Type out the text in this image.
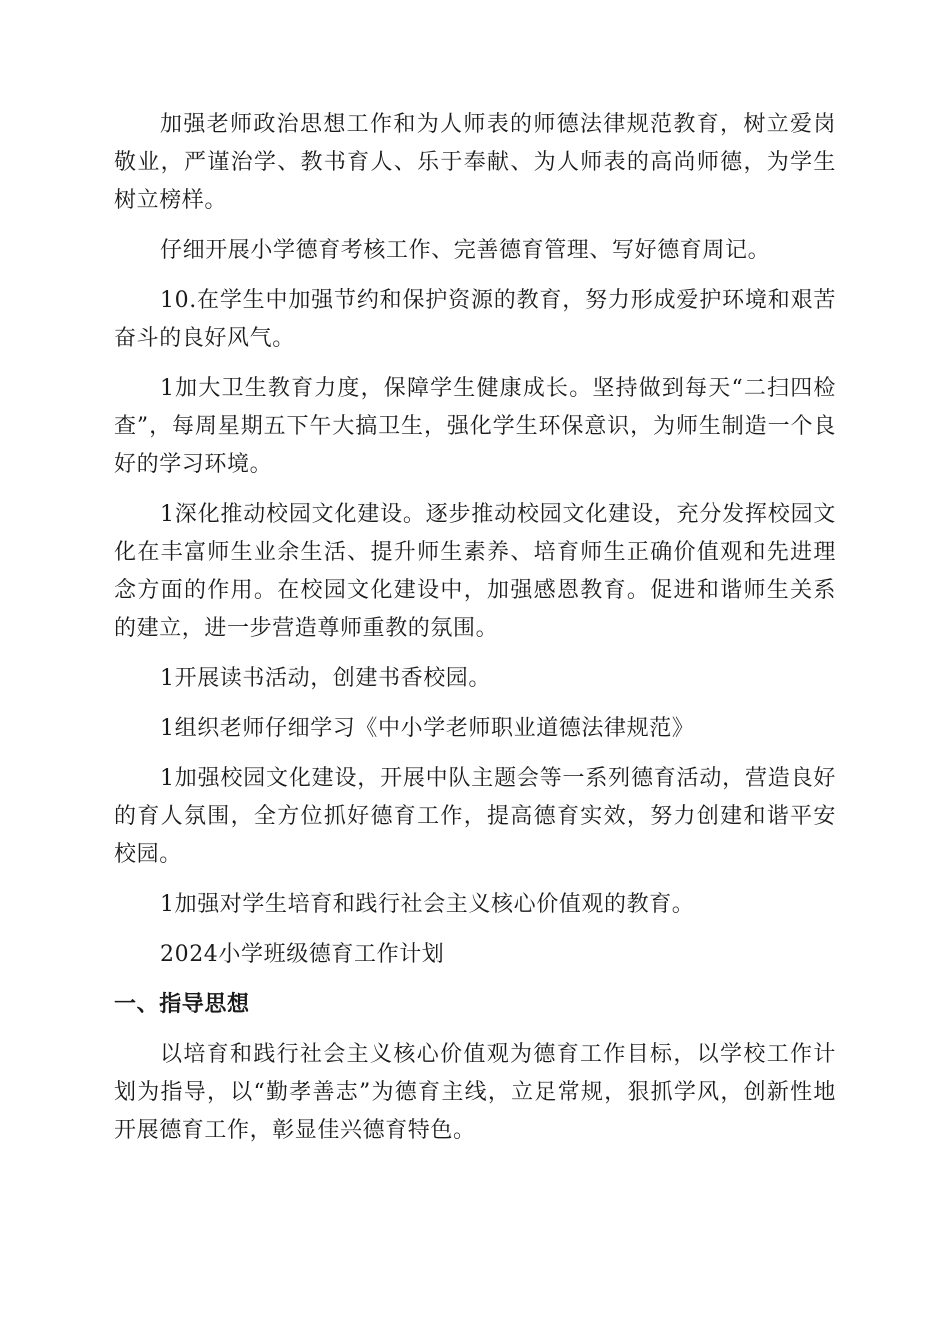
加强老师政治思想工作和为人师表的师德法律规范教育，树立爱岗敬业，严谨治学、教书育人、乐于奉献、为人师表的高尚师德，为学生树立榜样。

仔细开展小学德育考核工作、完善德育管理、写好德育周记。

10.在学生中加强节约和保护资源的教育，努力形成爱护环境和艰苦奋斗的良好风气。

1加大卫生教育力度，保障学生健康成长。坚持做到每天“二扫四检查”，每周星期五下午大搞卫生，强化学生环保意识，为师生制造一个良好的学习环境。

1深化推动校园文化建设。逐步推动校园文化建设，充分发挥校园文化在丰富师生业余生活、提升师生素养、培育师生正确价值观和先进理念方面的作用。在校园文化建设中，加强感恩教育。促进和谐师生关系的建立，进一步营造尊师重教的氛围。

1开展读书活动，创建书香校园。

1组织老师仔细学习《中小学老师职业道德法律规范》

1加强校园文化建设，开展中队主题会等一系列德育活动，营造良好的育人氛围，全方位抓好德育工作，提高德育实效，努力创建和谐平安校园。

1加强对学生培育和践行社会主义核心价值观的教育。

2024小学班级德育工作计划

一、指导思想

以培育和践行社会主义核心价值观为德育工作目标，以学校工作计划为指导，以“勤孝善志”为德育主线，立足常规，狠抓学风，创新性地开展德育工作，彰显佳兴德育特色。
